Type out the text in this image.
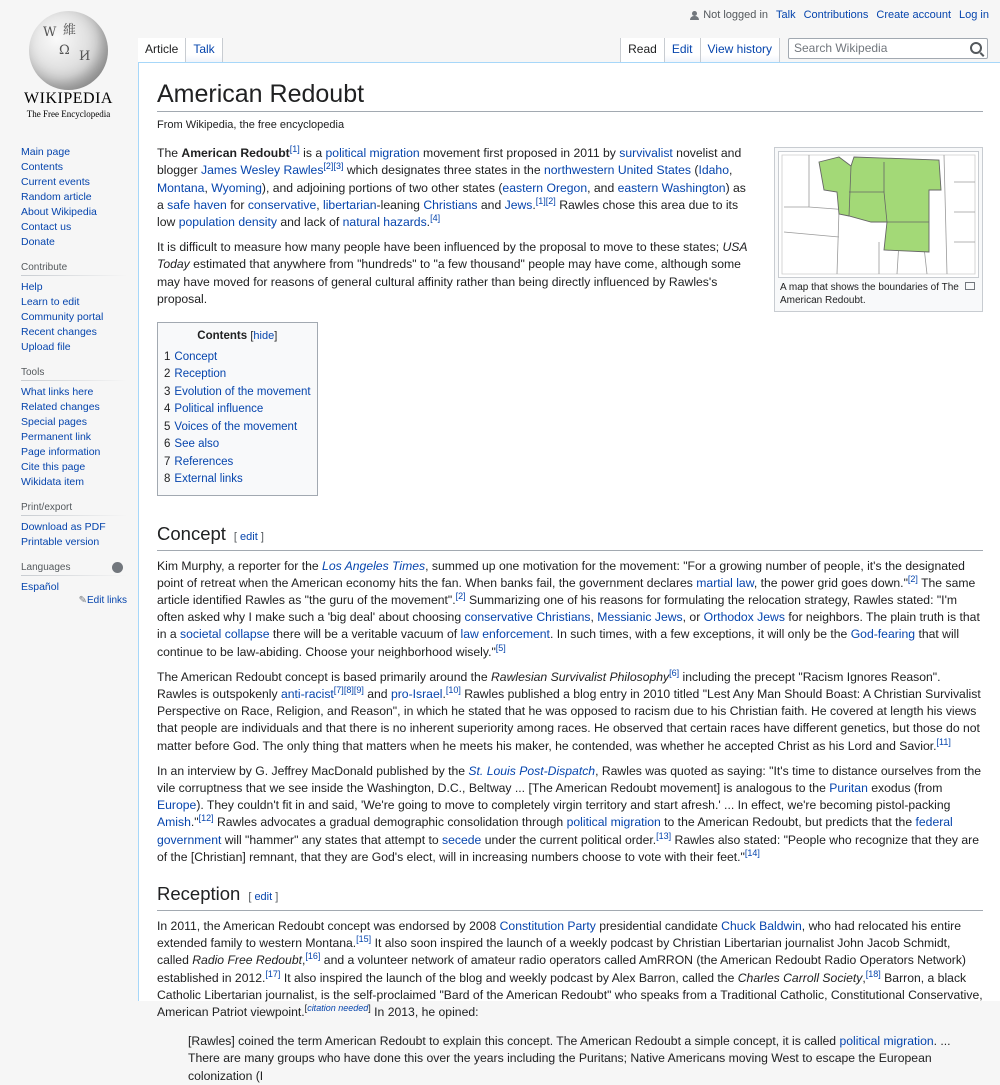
Not logged in Talk Contributions Create account Log in
W
Ω И
維
WIKIPEDIA
The Free Encyclopedia
Article	Talk	Read	Edit	View history
Search Wikipedia
Main page
Contents
Current events
Random article
About Wikipedia
Contact us
Donate
Contribute
Help
Learn to edit
Community portal
Recent changes
Upload file
Tools
What links here
Related changes
Special pages
Permanent link
Page information
Cite this page
Wikidata item
Print/export
Download as PDF
Printable version
Languages
Español
✎Edit links
American Redoubt
From Wikipedia, the free encyclopedia
A map that shows the boundaries of The American Redoubt.

The American Redoubt[1] is a political migration movement first proposed in 2011 by survivalist novelist and blogger James Wesley Rawles[2][3] which designates three states in the northwestern United States (Idaho, Montana, Wyoming), and adjoining portions of two other states (eastern Oregon, and eastern Washington) as a safe haven for conservative, libertarian-leaning Christians and Jews.[1][2] Rawles chose this area due to its low population density and lack of natural hazards.[4]

It is difficult to measure how many people have been influenced by the proposal to move to these states; USA Today estimated that anywhere from "hundreds" to "a few thousand" people may have come, although some may have moved for reasons of general cultural affinity rather than being directly influenced by Rawles's proposal.

Contents [hide]
1 Concept
2 Reception
3 Evolution of the movement
4 Political influence
5 Voices of the movement
6 See also
7 References
8 External links
Concept [ edit ]

Kim Murphy, a reporter for the Los Angeles Times, summed up one motivation for the movement: "For a growing number of people, it's the designated point of retreat when the American economy hits the fan. When banks fail, the government declares martial law, the power grid goes down."[2] The same article identified Rawles as "the guru of the movement".[2] Summarizing one of his reasons for formulating the relocation strategy, Rawles stated: "I'm often asked why I make such a 'big deal' about choosing conservative Christians, Messianic Jews, or Orthodox Jews for neighbors. The plain truth is that in a societal collapse there will be a veritable vacuum of law enforcement. In such times, with a few exceptions, it will only be the God-fearing that will continue to be law-abiding. Choose your neighborhood wisely."[5]

The American Redoubt concept is based primarily around the Rawlesian Survivalist Philosophy[6] including the precept "Racism Ignores Reason". Rawles is outspokenly anti-racist[7][8][9] and pro-Israel.[10] Rawles published a blog entry in 2010 titled "Lest Any Man Should Boast: A Christian Survivalist Perspective on Race, Religion, and Reason", in which he stated that he was opposed to racism due to his Christian faith. He covered at length his views that people are individuals and that there is no inherent superiority among races. He observed that certain races have different genetics, but those do not matter before God. The only thing that matters when he meets his maker, he contended, was whether he accepted Christ as his Lord and Savior.[11]

In an interview by G. Jeffrey MacDonald published by the St. Louis Post-Dispatch, Rawles was quoted as saying: "It's time to distance ourselves from the vile corruptness that we see inside the Washington, D.C., Beltway ... [The American Redoubt movement] is analogous to the Puritan exodus (from Europe). They couldn't fit in and said, 'We're going to move to completely virgin territory and start afresh.' ... In effect, we're becoming pistol-packing Amish."[12] Rawles advocates a gradual demographic consolidation through political migration to the American Redoubt, but predicts that the federal government will "hammer" any states that attempt to secede under the current political order.[13] Rawles also stated: "People who recognize that they are of the [Christian] remnant, that they are God's elect, will in increasing numbers choose to vote with their feet."[14]

Reception [ edit ]

In 2011, the American Redoubt concept was endorsed by 2008 Constitution Party presidential candidate Chuck Baldwin, who had relocated his entire extended family to western Montana.[15] It also soon inspired the launch of a weekly podcast by Christian Libertarian journalist John Jacob Schmidt, called Radio Free Redoubt,[16] and a volunteer network of amateur radio operators called AmRRON (the American Redoubt Radio Operators Network) established in 2012.[17] It also inspired the launch of the blog and weekly podcast by Alex Barron, called the Charles Carroll Society,[18] Barron, a black Catholic Libertarian journalist, is the self-proclaimed "Bard of the American Redoubt" who speaks from a Traditional Catholic, Constitutional Conservative, American Patriot viewpoint.[citation needed] In 2013, he opined:

[Rawles] coined the term American Redoubt to explain this concept. The American Redoubt a simple concept, it is called political migration. ... There are many groups who have done this over the years including the Puritans; Native Americans moving West to escape the European colonization (I
